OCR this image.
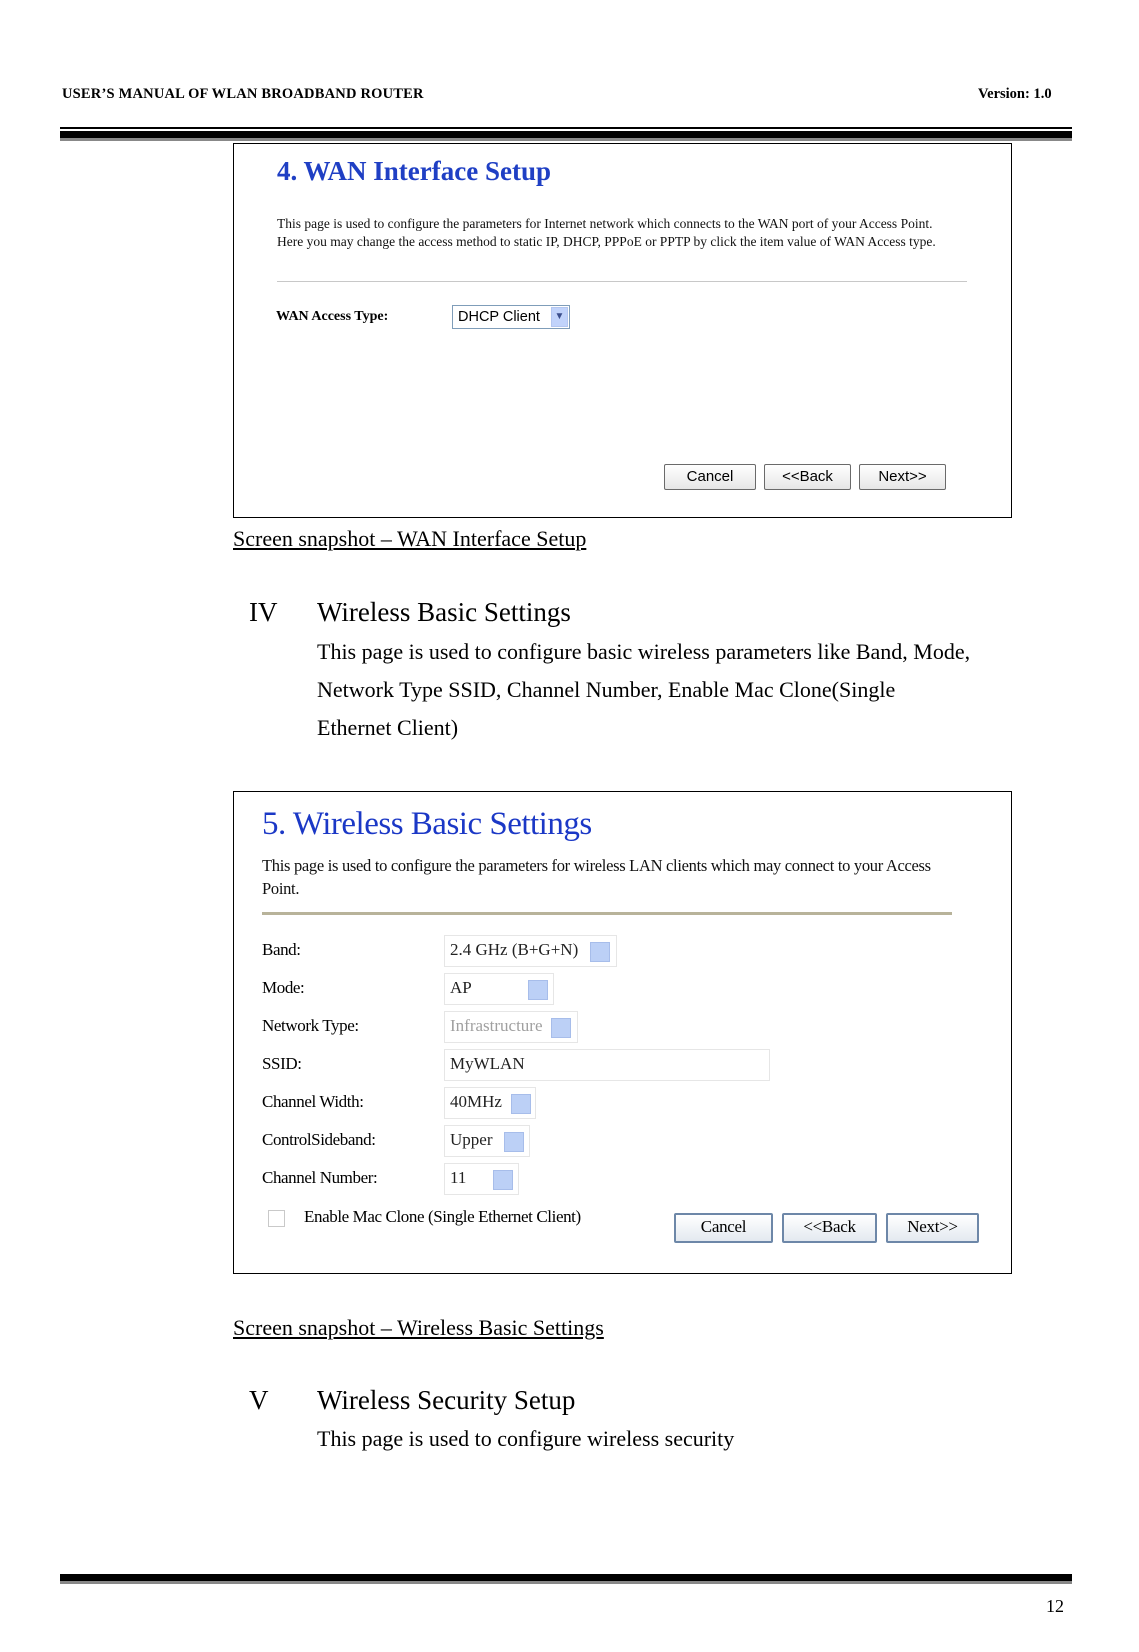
USER’S MANUAL OF WLAN BROADBAND ROUTER	Version: 1.0
4. WAN Interface Setup
This page is used to configure the parameters for Internet network which connects to the WAN port of your Access Point. Here you may change the access method to static IP, DHCP, PPPoE or PPTP by click the item value of WAN Access type.
WAN Access Type:	DHCP Client	▼
Cancel	<<Back	Next>>
Screen snapshot – WAN Interface Setup
IV Wireless Basic Settings
This page is used to configure basic wireless parameters like Band, Mode,
Network Type SSID, Channel Number, Enable Mac Clone(Single
Ethernet Client)
5. Wireless Basic Settings
This page is used to configure the parameters for wireless LAN clients which may connect to your Access Point.
Band:	2.4 GHz (B+G+N)
Mode:	AP
Network Type:	Infrastructure
SSID:	MyWLAN
Channel Width:	40MHz
ControlSideband:	Upper
Channel Number:	11
Enable Mac Clone (Single Ethernet Client)
Cancel	<<Back	Next>>
Screen snapshot – Wireless Basic Settings
V Wireless Security Setup
This page is used to configure wireless security
12
